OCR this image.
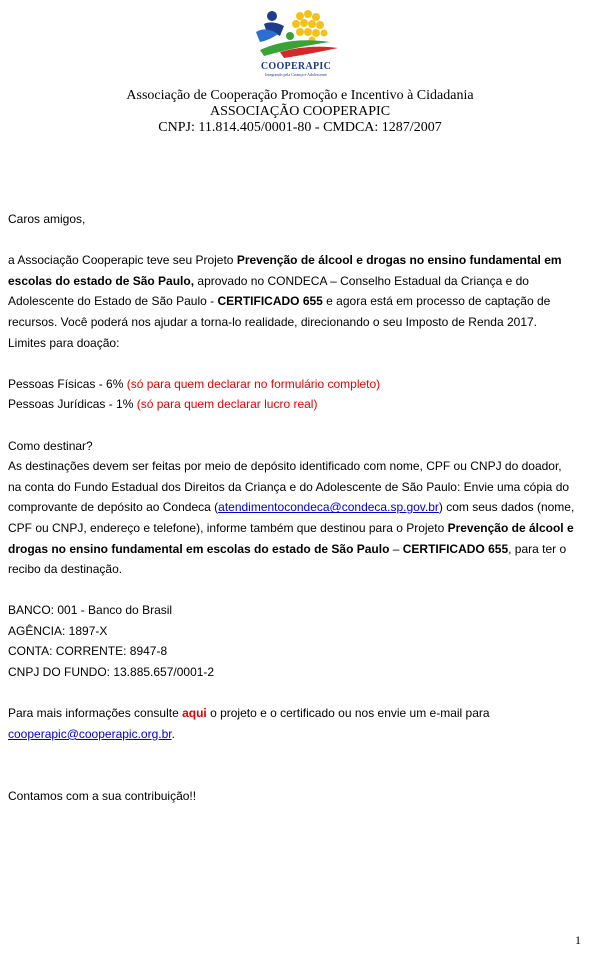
COOPERAPIC
Integrando pela Criança e Adolescente
Associação de Cooperação Promoção e Incentivo à Cidadania
ASSOCIAÇÃO COOPERAPIC
CNPJ: 11.814.405/0001-80 - CMDCA: 1287/2007

Caros amigos,

a Associação Cooperapic teve seu Projeto Prevenção de álcool e drogas no ensino fundamental em escolas do estado de São Paulo, aprovado no CONDECA – Conselho Estadual da Criança e do Adolescente do Estado de São Paulo - CERTIFICADO 655 e agora está em processo de captação de recursos. Você poderá nos ajudar a torna-lo realidade, direcionando o seu Imposto de Renda 2017.

Limites para doação:

Pessoas Físicas - 6% (só para quem declarar no formulário completo)

Pessoas Jurídicas - 1% (só para quem declarar lucro real)

Como destinar?

As destinações devem ser feitas por meio de depósito identificado com nome, CPF ou CNPJ do doador, na conta do Fundo Estadual dos Direitos da Criança e do Adolescente de São Paulo: Envie uma cópia do comprovante de depósito ao Condeca (atendimentocondeca@condeca.sp.gov.br) com seus dados (nome, CPF ou CNPJ, endereço e telefone), informe também que destinou para o Projeto Prevenção de álcool e drogas no ensino fundamental em escolas do estado de São Paulo – CERTIFICADO 655, para ter o recibo da destinação.

BANCO: 001 - Banco do Brasil

AGÊNCIA: 1897-X

CONTA: CORRENTE: 8947-8

CNPJ DO FUNDO: 13.885.657/0001-2

Para mais informações consulte aqui o projeto e o certificado ou nos envie um e-mail para
cooperapic@cooperapic.org.br.

Contamos com a sua contribuição!!

1
